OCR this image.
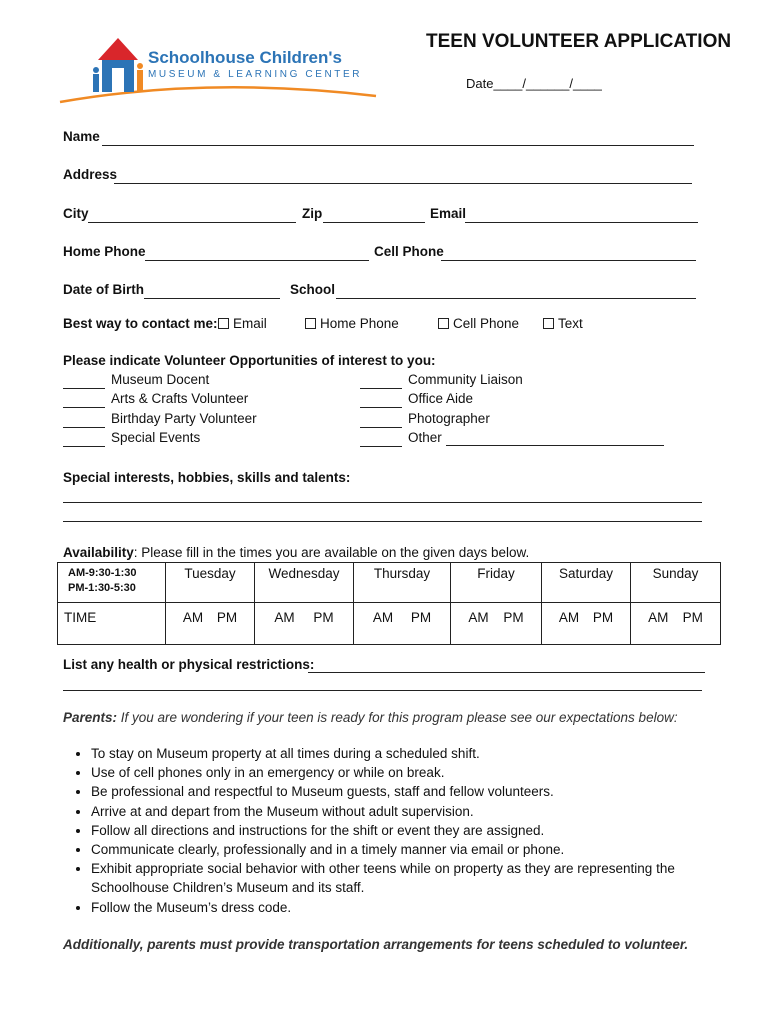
Schoolhouse Children's
MUSEUM & LEARNING CENTER
TEEN VOLUNTEER APPLICATION
Date____/______/____
Name
Address
City	Zip	Email
Home Phone	Cell Phone
Date of Birth	School
Best way to contact me:	Email	Home Phone	Cell Phone	Text
Please indicate Volunteer Opportunities of interest to you:
Museum Docent
Arts & Crafts Volunteer
Birthday Party Volunteer
Special Events
Community Liaison
Office Aide
Photographer
Other
Special interests, hobbies, skills and talents:
Availability: Please fill in the times you are available on the given days below.
AM-9:30-1:30
PM-1:30-5:30	Tuesday	Wednesday	Thursday	Friday	Saturday	Sunday
TIME	AM PM	AM PM	AM PM	AM PM	AM PM	AM PM
List any health or physical restrictions:
Parents: If you are wondering if your teen is ready for this program please see our expectations below:
• To stay on Museum property at all times during a scheduled shift.
• Use of cell phones only in an emergency or while on break.
• Be professional and respectful to Museum guests, staff and fellow volunteers.
• Arrive at and depart from the Museum without adult supervision.
• Follow all directions and instructions for the shift or event they are assigned.
• Communicate clearly, professionally and in a timely manner via email or phone.
• Exhibit appropriate social behavior with other teens while on property as they are representing the Schoolhouse Children’s Museum and its staff.
• Follow the Museum’s dress code.
Additionally, parents must provide transportation arrangements for teens scheduled to volunteer.
